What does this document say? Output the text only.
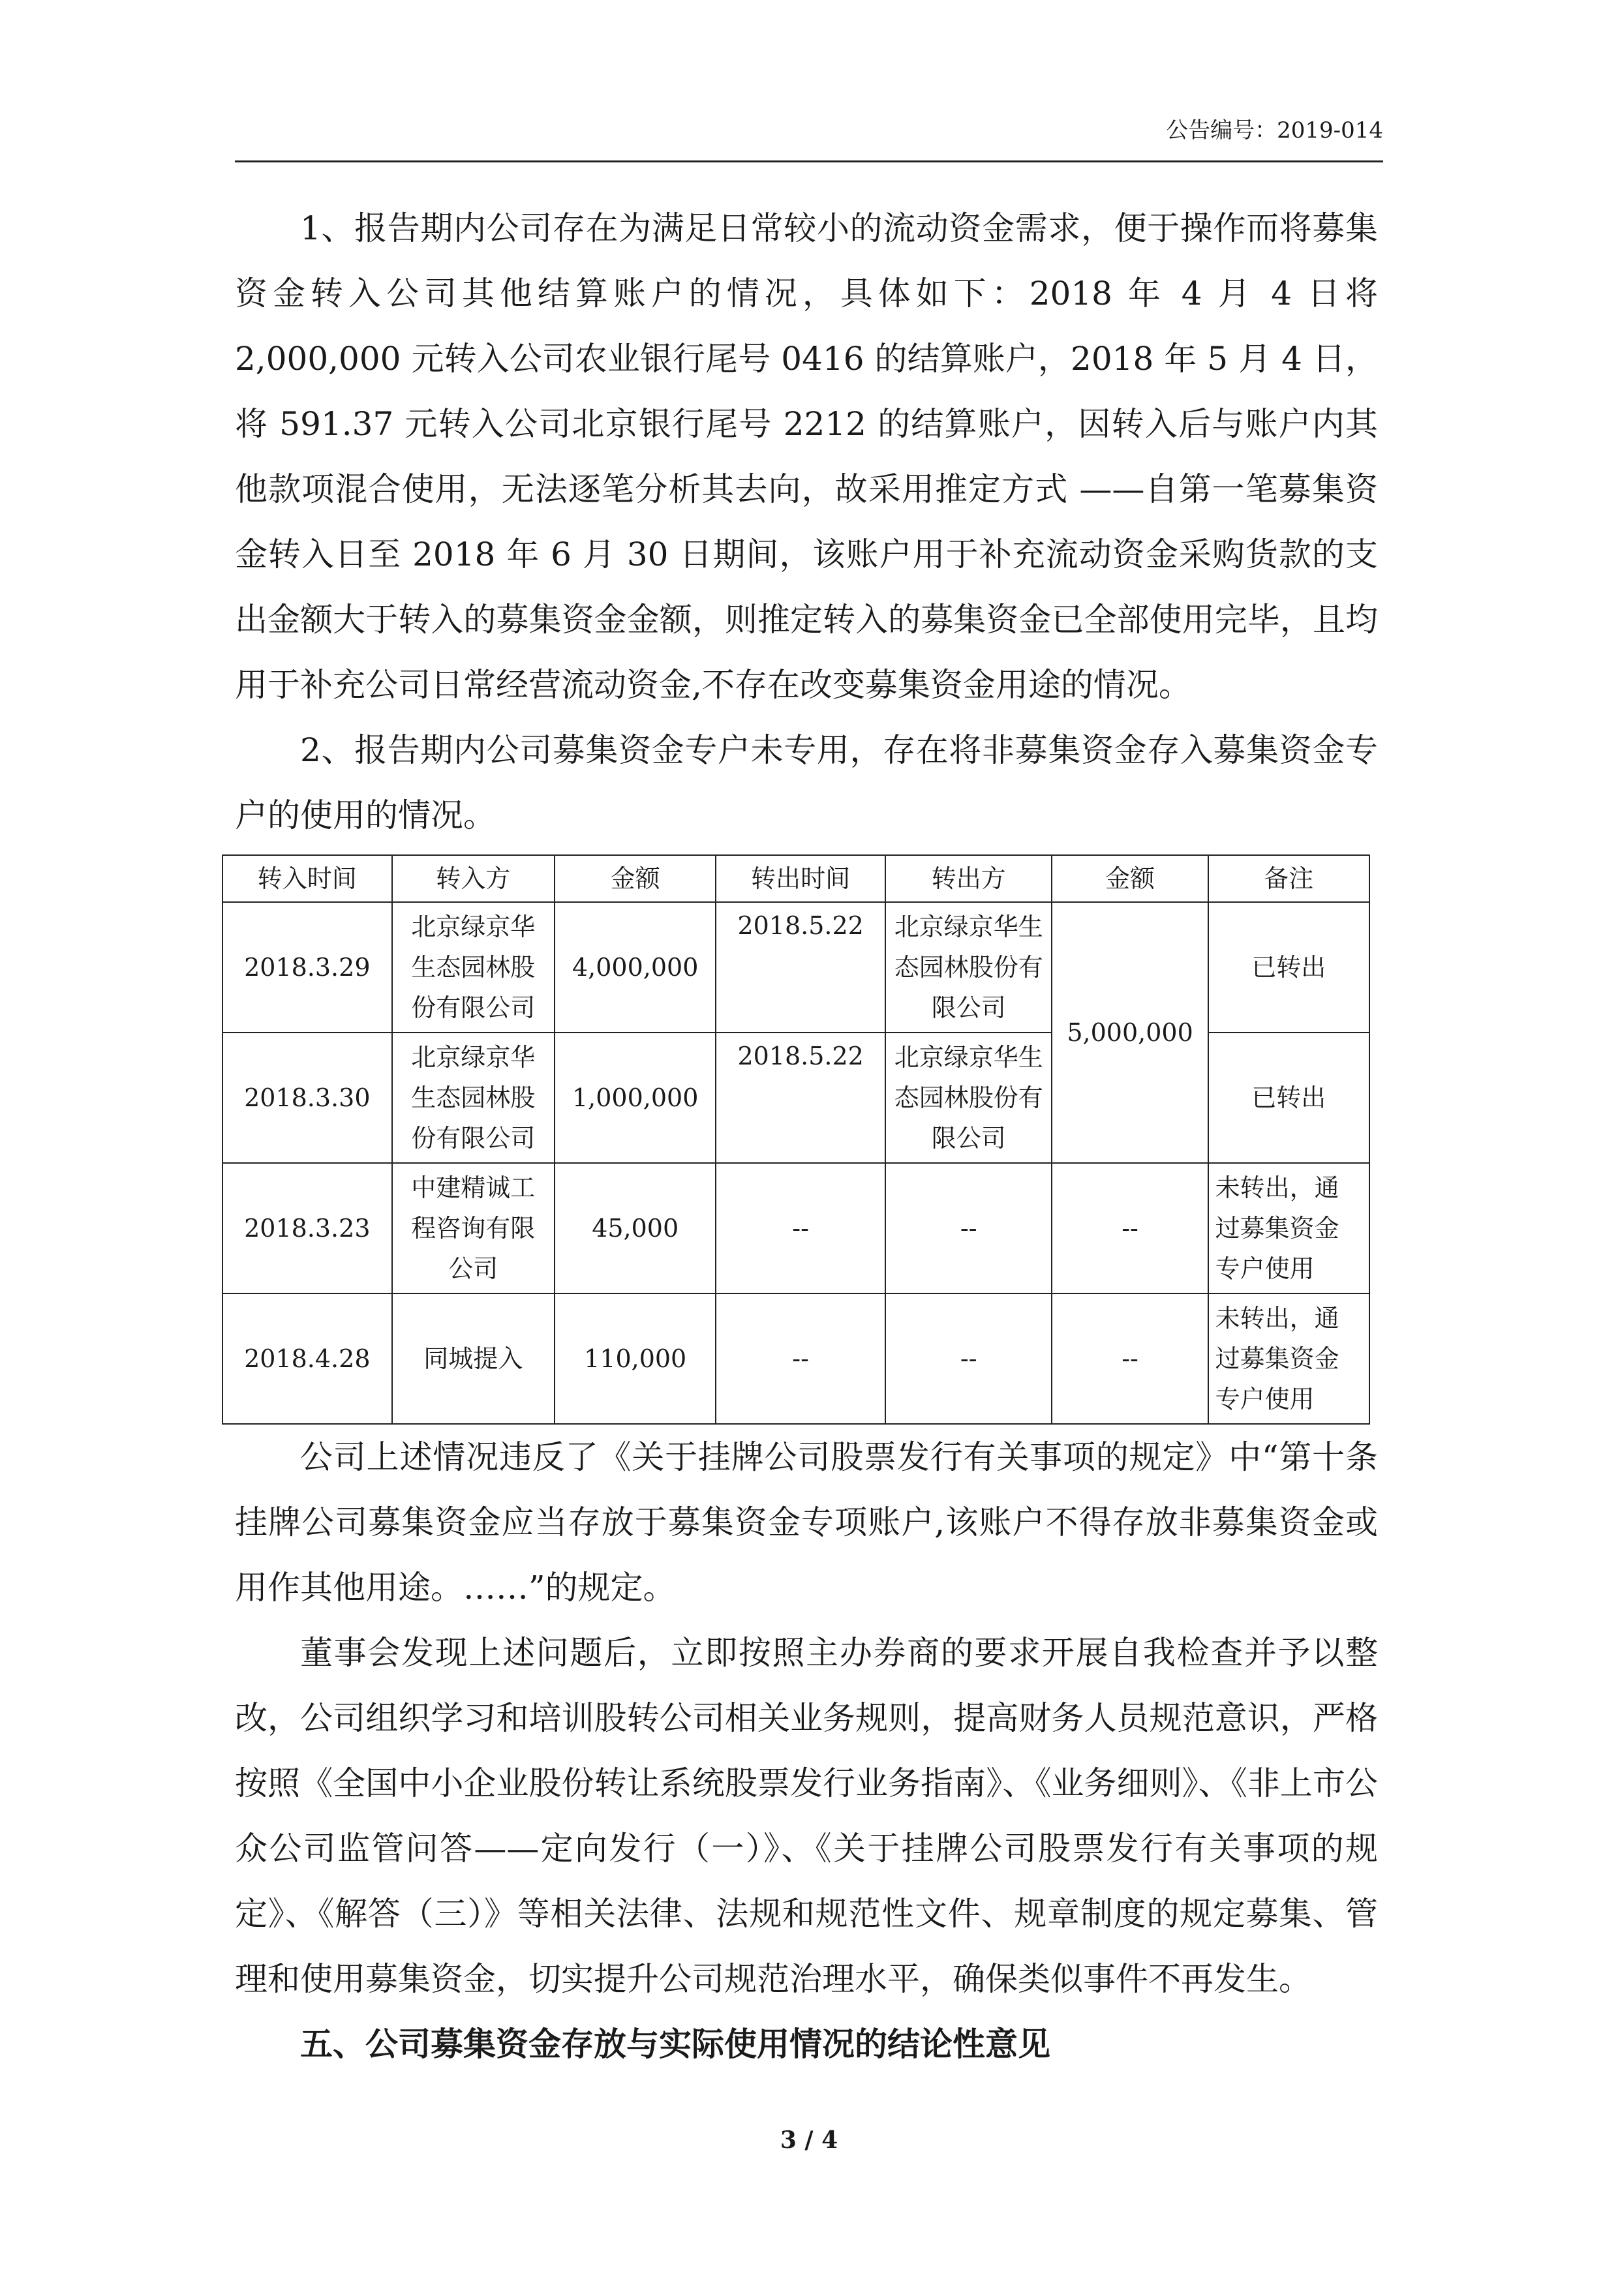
公告编号：2019-014

1、报告期内公司存在为满足日常较小的流动资金需求，便于操作而将募集资金转入公司其他结算账户的情况，具体如下：2018 年 4 月 4 日将 2,000,000 元转入公司农业银行尾号 0416 的结算账户，2018 年 5 月 4 日，将 591.37 元转入公司北京银行尾号 2212 的结算账户，因转入后与账户内其他款项混合使用，无法逐笔分析其去向，故采用推定方式 ——自第一笔募集资金转入日至 2018 年 6 月 30 日期间，该账户用于补充流动资金采购货款的支出金额大于转入的募集资金金额，则推定转入的募集资金已全部使用完毕，且均用于补充公司日常经营流动资金,不存在改变募集资金用途的情况。

2、报告期内公司募集资金专户未专用，存在将非募集资金存入募集资金专户的使用的情况。

转入时间	转入方	金额	转出时间	转出方	金额	备注
2018.3.29	北京绿京华生态园林股份有限公司	4,000,000	2018.5.22	北京绿京华生态园林股份有限公司	5,000,000	已转出
2018.3.30	北京绿京华生态园林股份有限公司	1,000,000	2018.5.22	北京绿京华生态园林股份有限公司		已转出
2018.3.23	中建精诚工程咨询有限公司	45,000	--	--	--	未转出，通过募集资金专户使用
2018.4.28	同城提入	110,000	--	--	--	未转出，通过募集资金专户使用

公司上述情况违反了《关于挂牌公司股票发行有关事项的规定》中“第十条 挂牌公司募集资金应当存放于募集资金专项账户,该账户不得存放非募集资金或用作其他用途。……”的规定。

董事会发现上述问题后，立即按照主办券商的要求开展自我检查并予以整改，公司组织学习和培训股转公司相关业务规则，提高财务人员规范意识，严格按照《全国中小企业股份转让系统股票发行业务指南》、《业务细则》、《非上市公众公司监管问答——定向发行（一）》、《关于挂牌公司股票发行有关事项的规定》、《解答（三）》等相关法律、法规和规范性文件、规章制度的规定募集、管理和使用募集资金，切实提升公司规范治理水平，确保类似事件不再发生。

五、公司募集资金存放与实际使用情况的结论性意见

3 / 4
